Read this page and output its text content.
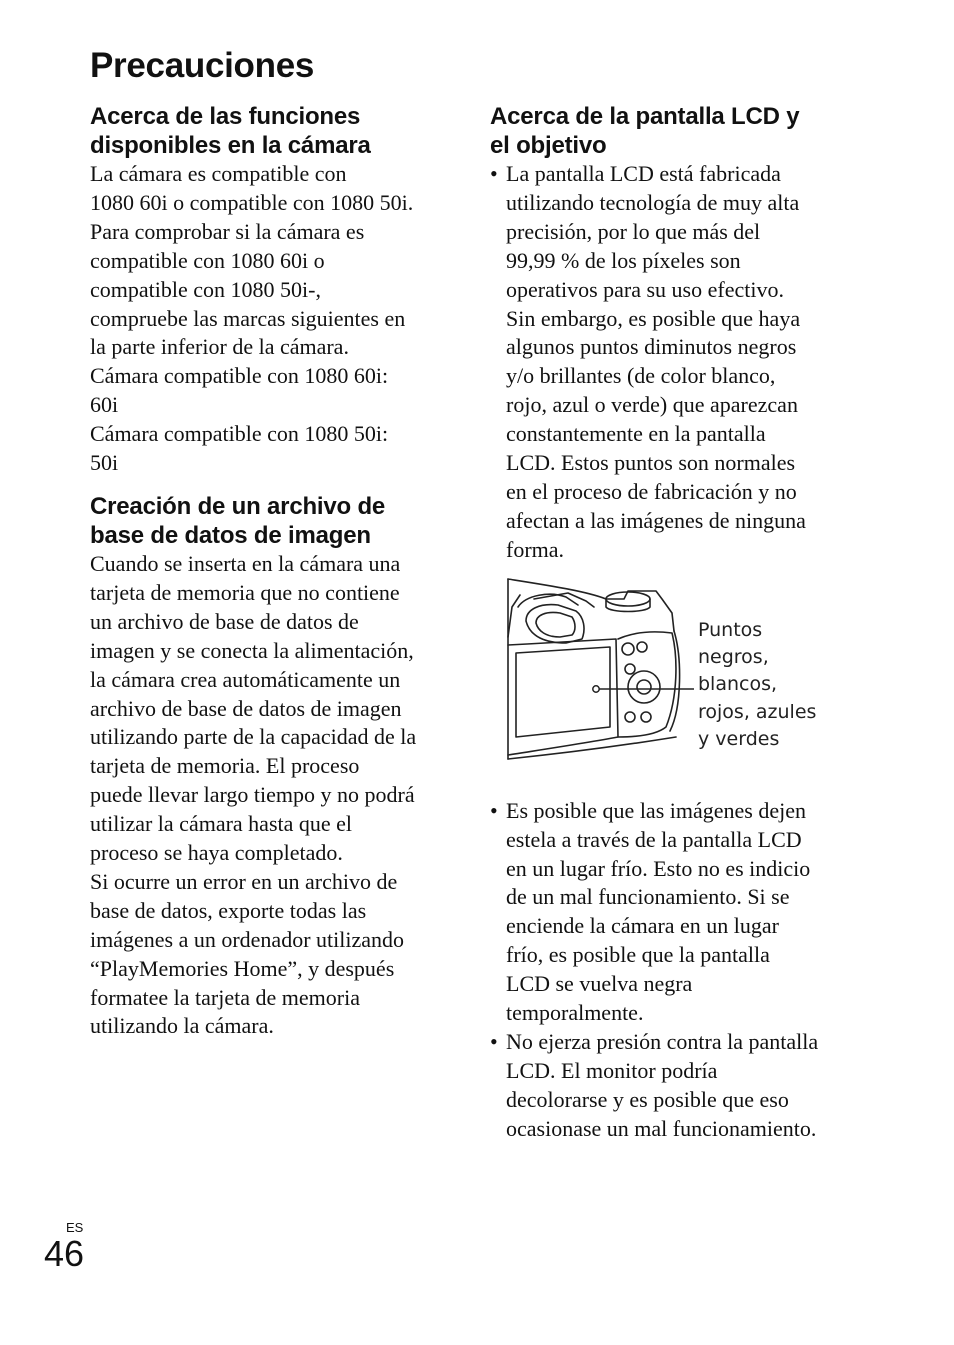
Precauciones
Acerca de las funciones
disponibles en la cámara

La cámara es compatible con
1080 60i o compatible con 1080 50i.
Para comprobar si la cámara es
compatible con 1080 60i o
compatible con 1080 50i-,
compruebe las marcas siguientes en
la parte inferior de la cámara.
Cámara compatible con 1080 60i:
60i
Cámara compatible con 1080 50i:
50i

Creación de un archivo de
base de datos de imagen

Cuando se inserta en la cámara una
tarjeta de memoria que no contiene
un archivo de base de datos de
imagen y se conecta la alimentación,
la cámara crea automáticamente un
archivo de base de datos de imagen
utilizando parte de la capacidad de la
tarjeta de memoria. El proceso
puede llevar largo tiempo y no podrá
utilizar la cámara hasta que el
proceso se haya completado.
Si ocurre un error en un archivo de
base de datos, exporte todas las
imágenes a un ordenador utilizando
“PlayMemories Home”, y después
formatee la tarjeta de memoria
utilizando la cámara.

Acerca de la pantalla LCD y
el objetivo
• La pantalla LCD está fabricada
utilizando tecnología de muy alta
precisión, por lo que más del
99,99 % de los píxeles son
operativos para su uso efectivo.
Sin embargo, es posible que haya
algunos puntos diminutos negros
y/o brillantes (de color blanco,
rojo, azul o verde) que aparezcan
constantemente en la pantalla
LCD. Estos puntos son normales
en el proceso de fabricación y no
afectan a las imágenes de ninguna
forma.

Puntos
negros,
blancos,
rojos, azules
y verdes
• Es posible que las imágenes dejen
estela a través de la pantalla LCD
en un lugar frío. Esto no es indicio
de un mal funcionamiento. Si se
enciende la cámara en un lugar
frío, es posible que la pantalla
LCD se vuelva negra
temporalmente.

• No ejerza presión contra la pantalla
LCD. El monitor podría
decolorarse y es posible que eso
ocasionase un mal funcionamiento.

ES
46
